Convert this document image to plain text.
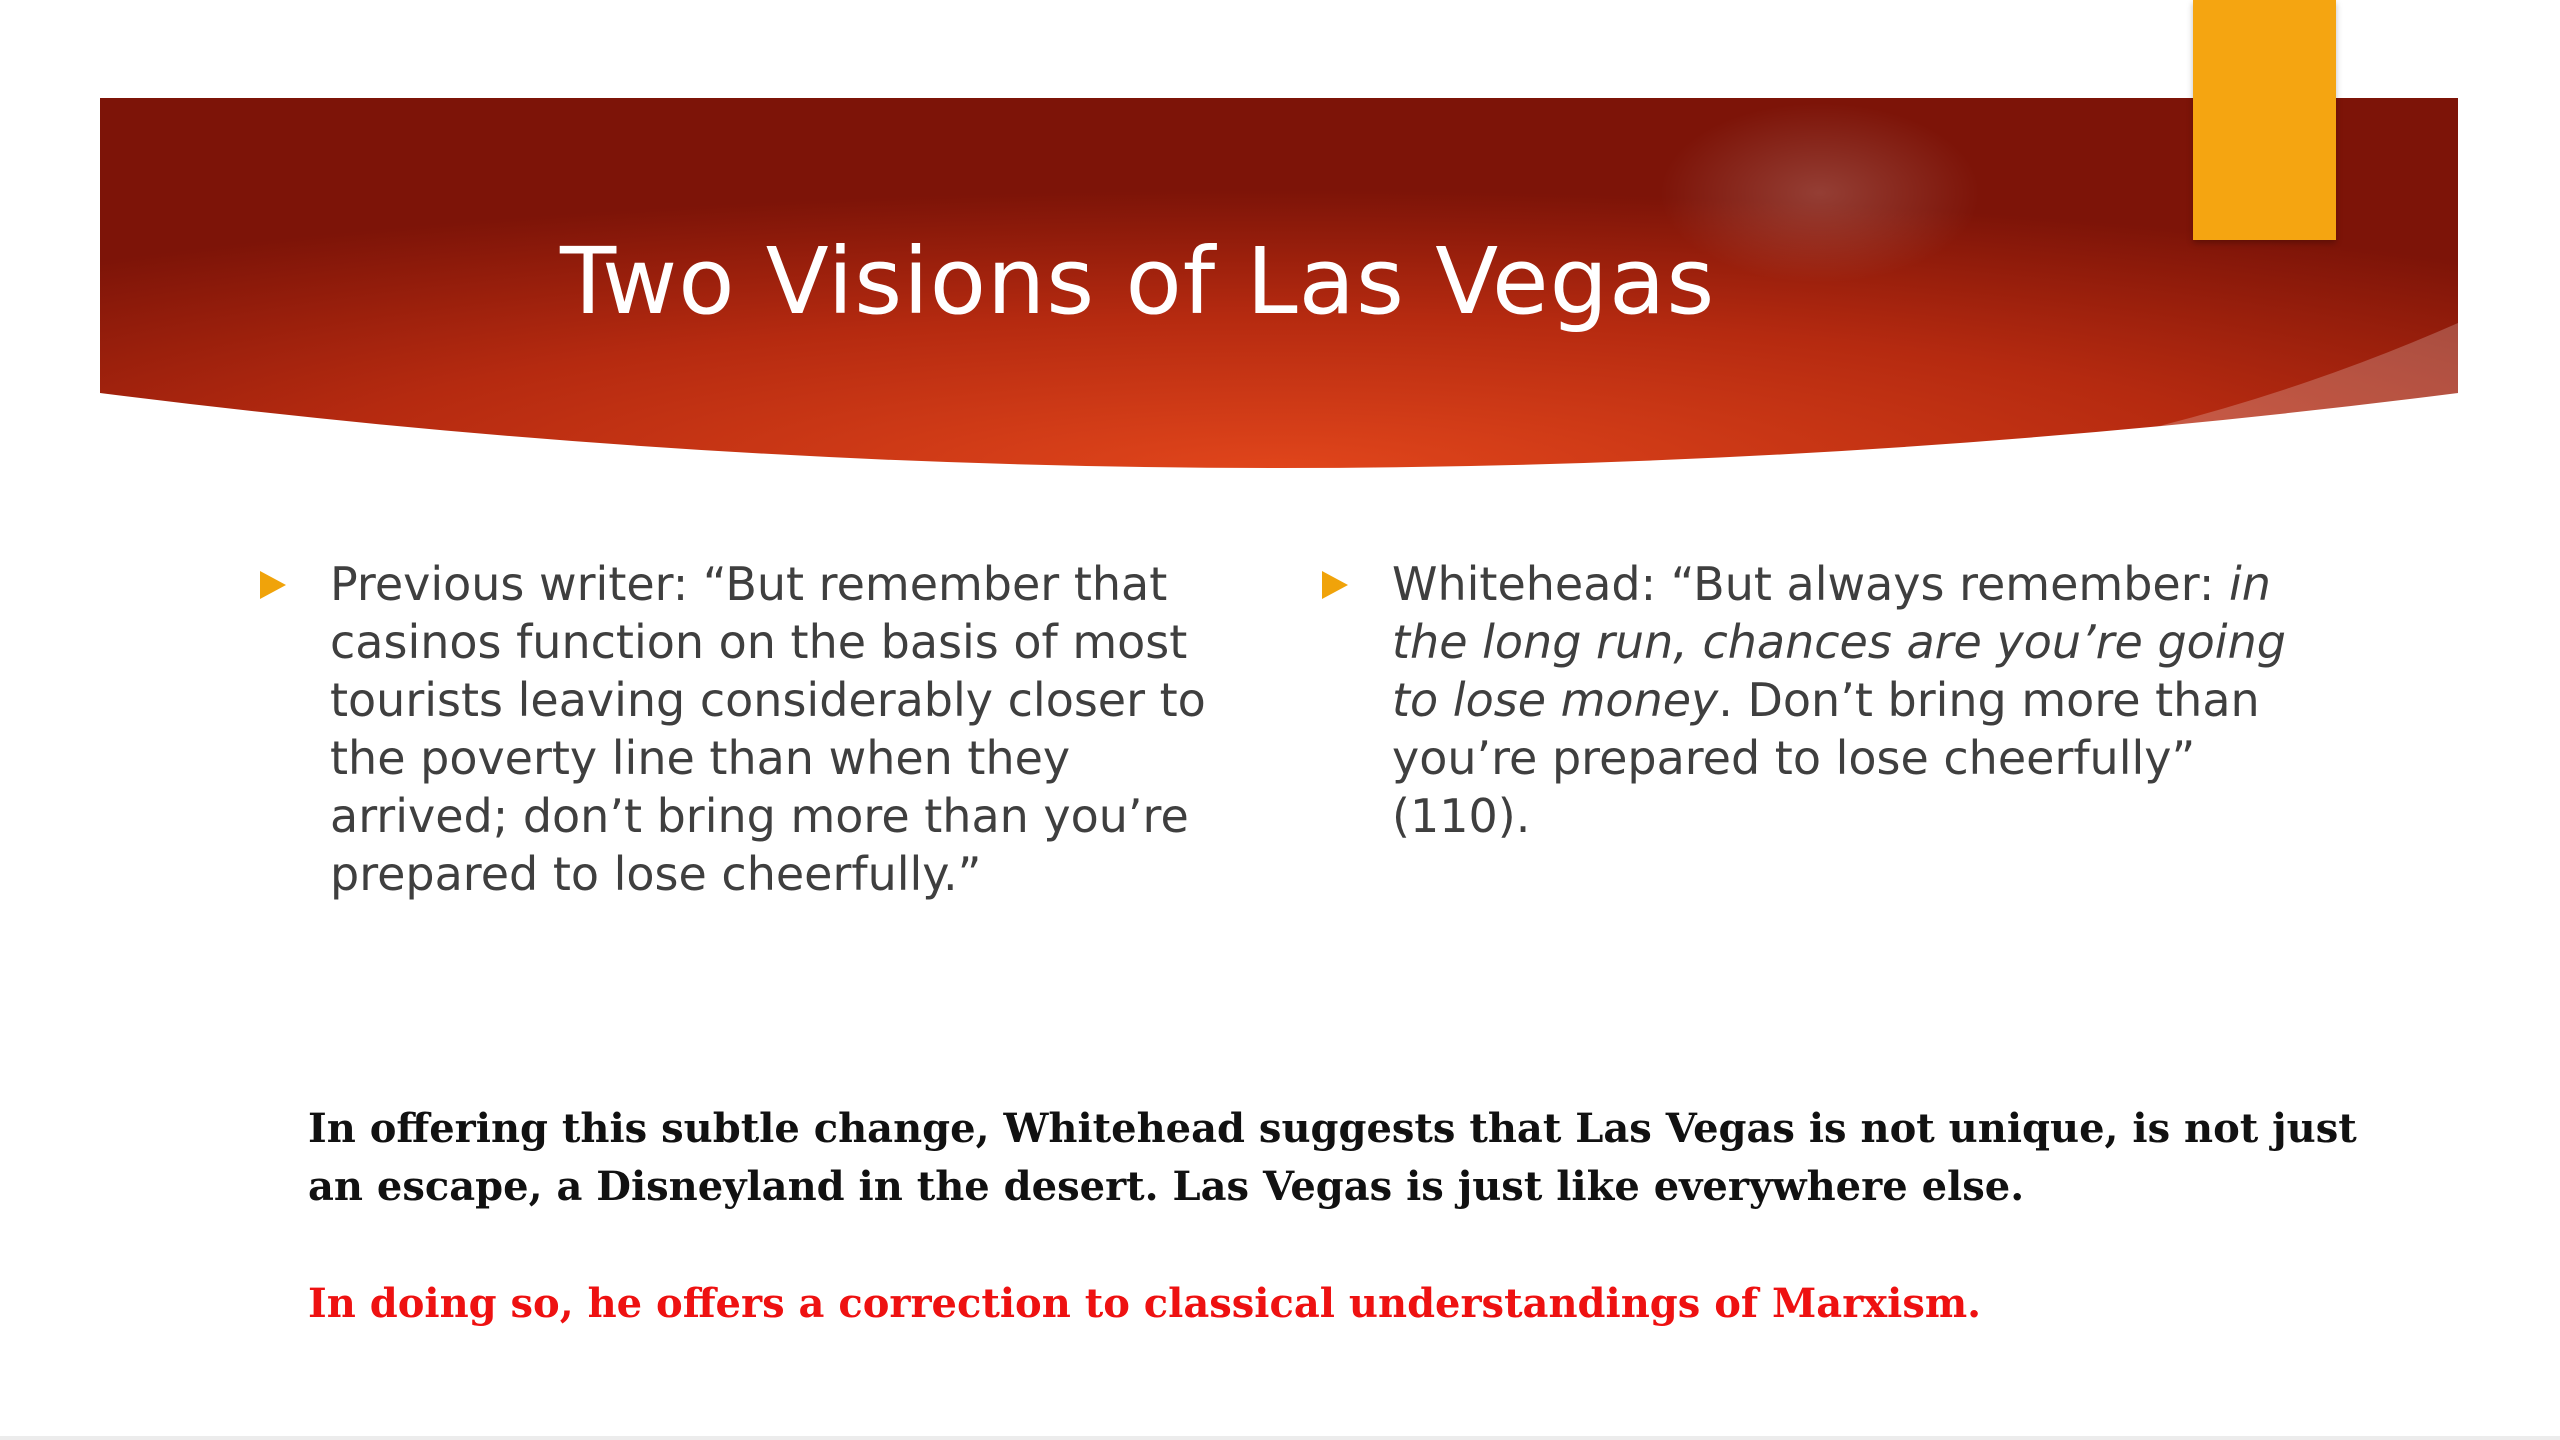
Two Visions of Las Vegas

Previous writer: “But remember that casinos function on the basis of most tourists leaving considerably closer to the poverty line than when they arrived; don’t bring more than you’re prepared to lose cheerfully.”

Whitehead: “But always remember: in the long run, chances are you’re going to lose money. Don’t bring more than you’re prepared to lose cheerfully” (110).

In offering this subtle change, Whitehead suggests that Las Vegas is not unique, is not just an escape, a Disneyland in the desert. Las Vegas is just like everywhere else.

In doing so, he offers a correction to classical understandings of Marxism.
